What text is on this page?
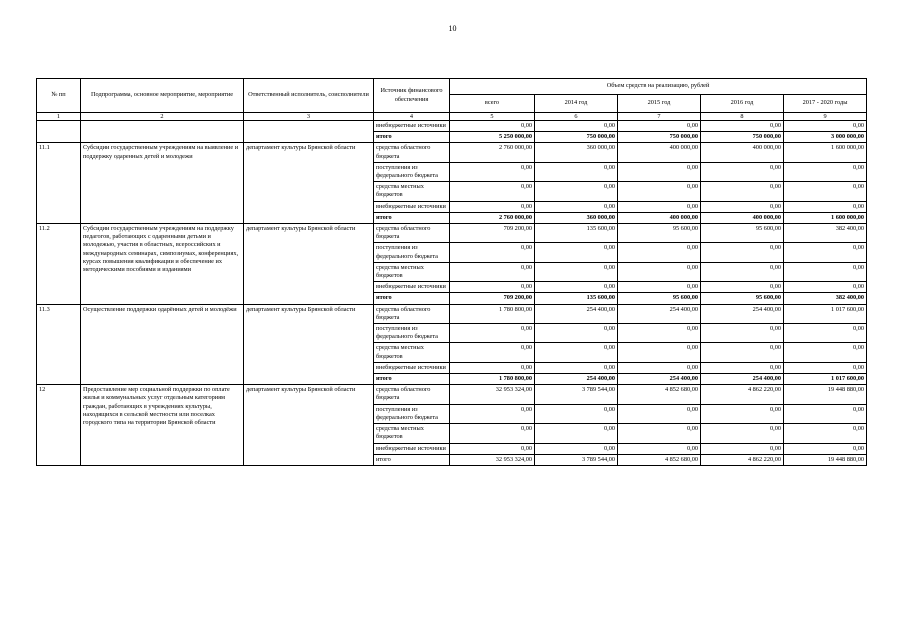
10
№ пп	Подпрограмма, основное мероприятие, мероприятие	Ответственный исполнитель, соисполнители	Источник финансового обеспечения	Объем средств на реализацию, рублей				
				всего	2014 год	2015 год	2016 год	2017 - 2020 годы
1	2	3	4	5	6	7	8	9
			внебюджетные источники	0,00	0,00	0,00	0,00	0,00
			итого	5 250 000,00	750 000,00	750 000,00	750 000,00	3 000 000,00
11.1	Субсидии государственным учреждениям на выявление и поддержку одаренных детей и молодежи	департамент культуры Брянской области	средства областного бюджета	2 760 000,00	360 000,00	400 000,00	400 000,00	1 600 000,00
			поступления из федерального бюджета	0,00	0,00	0,00	0,00	0,00
			средства местных бюджетов	0,00	0,00	0,00	0,00	0,00
			внебюджетные источники	0,00	0,00	0,00	0,00	0,00
			итого	2 760 000,00	360 000,00	400 000,00	400 000,00	1 600 000,00
11.2	Субсидии государственным учреждениям на поддержку педагогов, работающих с одаренными детьми и молодежью, участия в областных, всероссийских и международных семинарах, симпозиумах, конференциях, курсах повышения квалификации и обеспечение их методическими пособиями и изданиями	департамент культуры Брянской области	средства областного бюджета	709 200,00	135 600,00	95 600,00	95 600,00	382 400,00
			поступления из федерального бюджета	0,00	0,00	0,00	0,00	0,00
			средства местных бюджетов	0,00	0,00	0,00	0,00	0,00
			внебюджетные источники	0,00	0,00	0,00	0,00	0,00
			итого	709 200,00	135 600,00	95 600,00	95 600,00	382 400,00
11.3	Осуществление поддержки одарённых детей и молодёжи	департамент культуры Брянской области	средства областного бюджета	1 780 800,00	254 400,00	254 400,00	254 400,00	1 017 600,00
			поступления из федерального бюджета	0,00	0,00	0,00	0,00	0,00
			средства местных бюджетов	0,00	0,00	0,00	0,00	0,00
			внебюджетные источники	0,00	0,00	0,00	0,00	0,00
			итого	1 780 800,00	254 400,00	254 400,00	254 400,00	1 017 600,00
12	Предоставление мер социальной поддержки по оплате жилья и коммунальных услуг отдельным категориям граждан, работающих в учреждениях культуры, находящихся в сельской местности или поселках городского типа на территории Брянской области	департамент культуры Брянской области	средства областного бюджета	32 953 324,00	3 789 544,00	4 852 680,00	4 862 220,00	19 448 880,00
			поступления из федерального бюджета	0,00	0,00	0,00	0,00	0,00
			средства местных бюджетов	0,00	0,00	0,00	0,00	0,00
			внебюджетные источники	0,00	0,00	0,00	0,00	0,00
			итого	32 953 324,00	3 789 544,00	4 852 680,00	4 862 220,00	19 448 880,00
